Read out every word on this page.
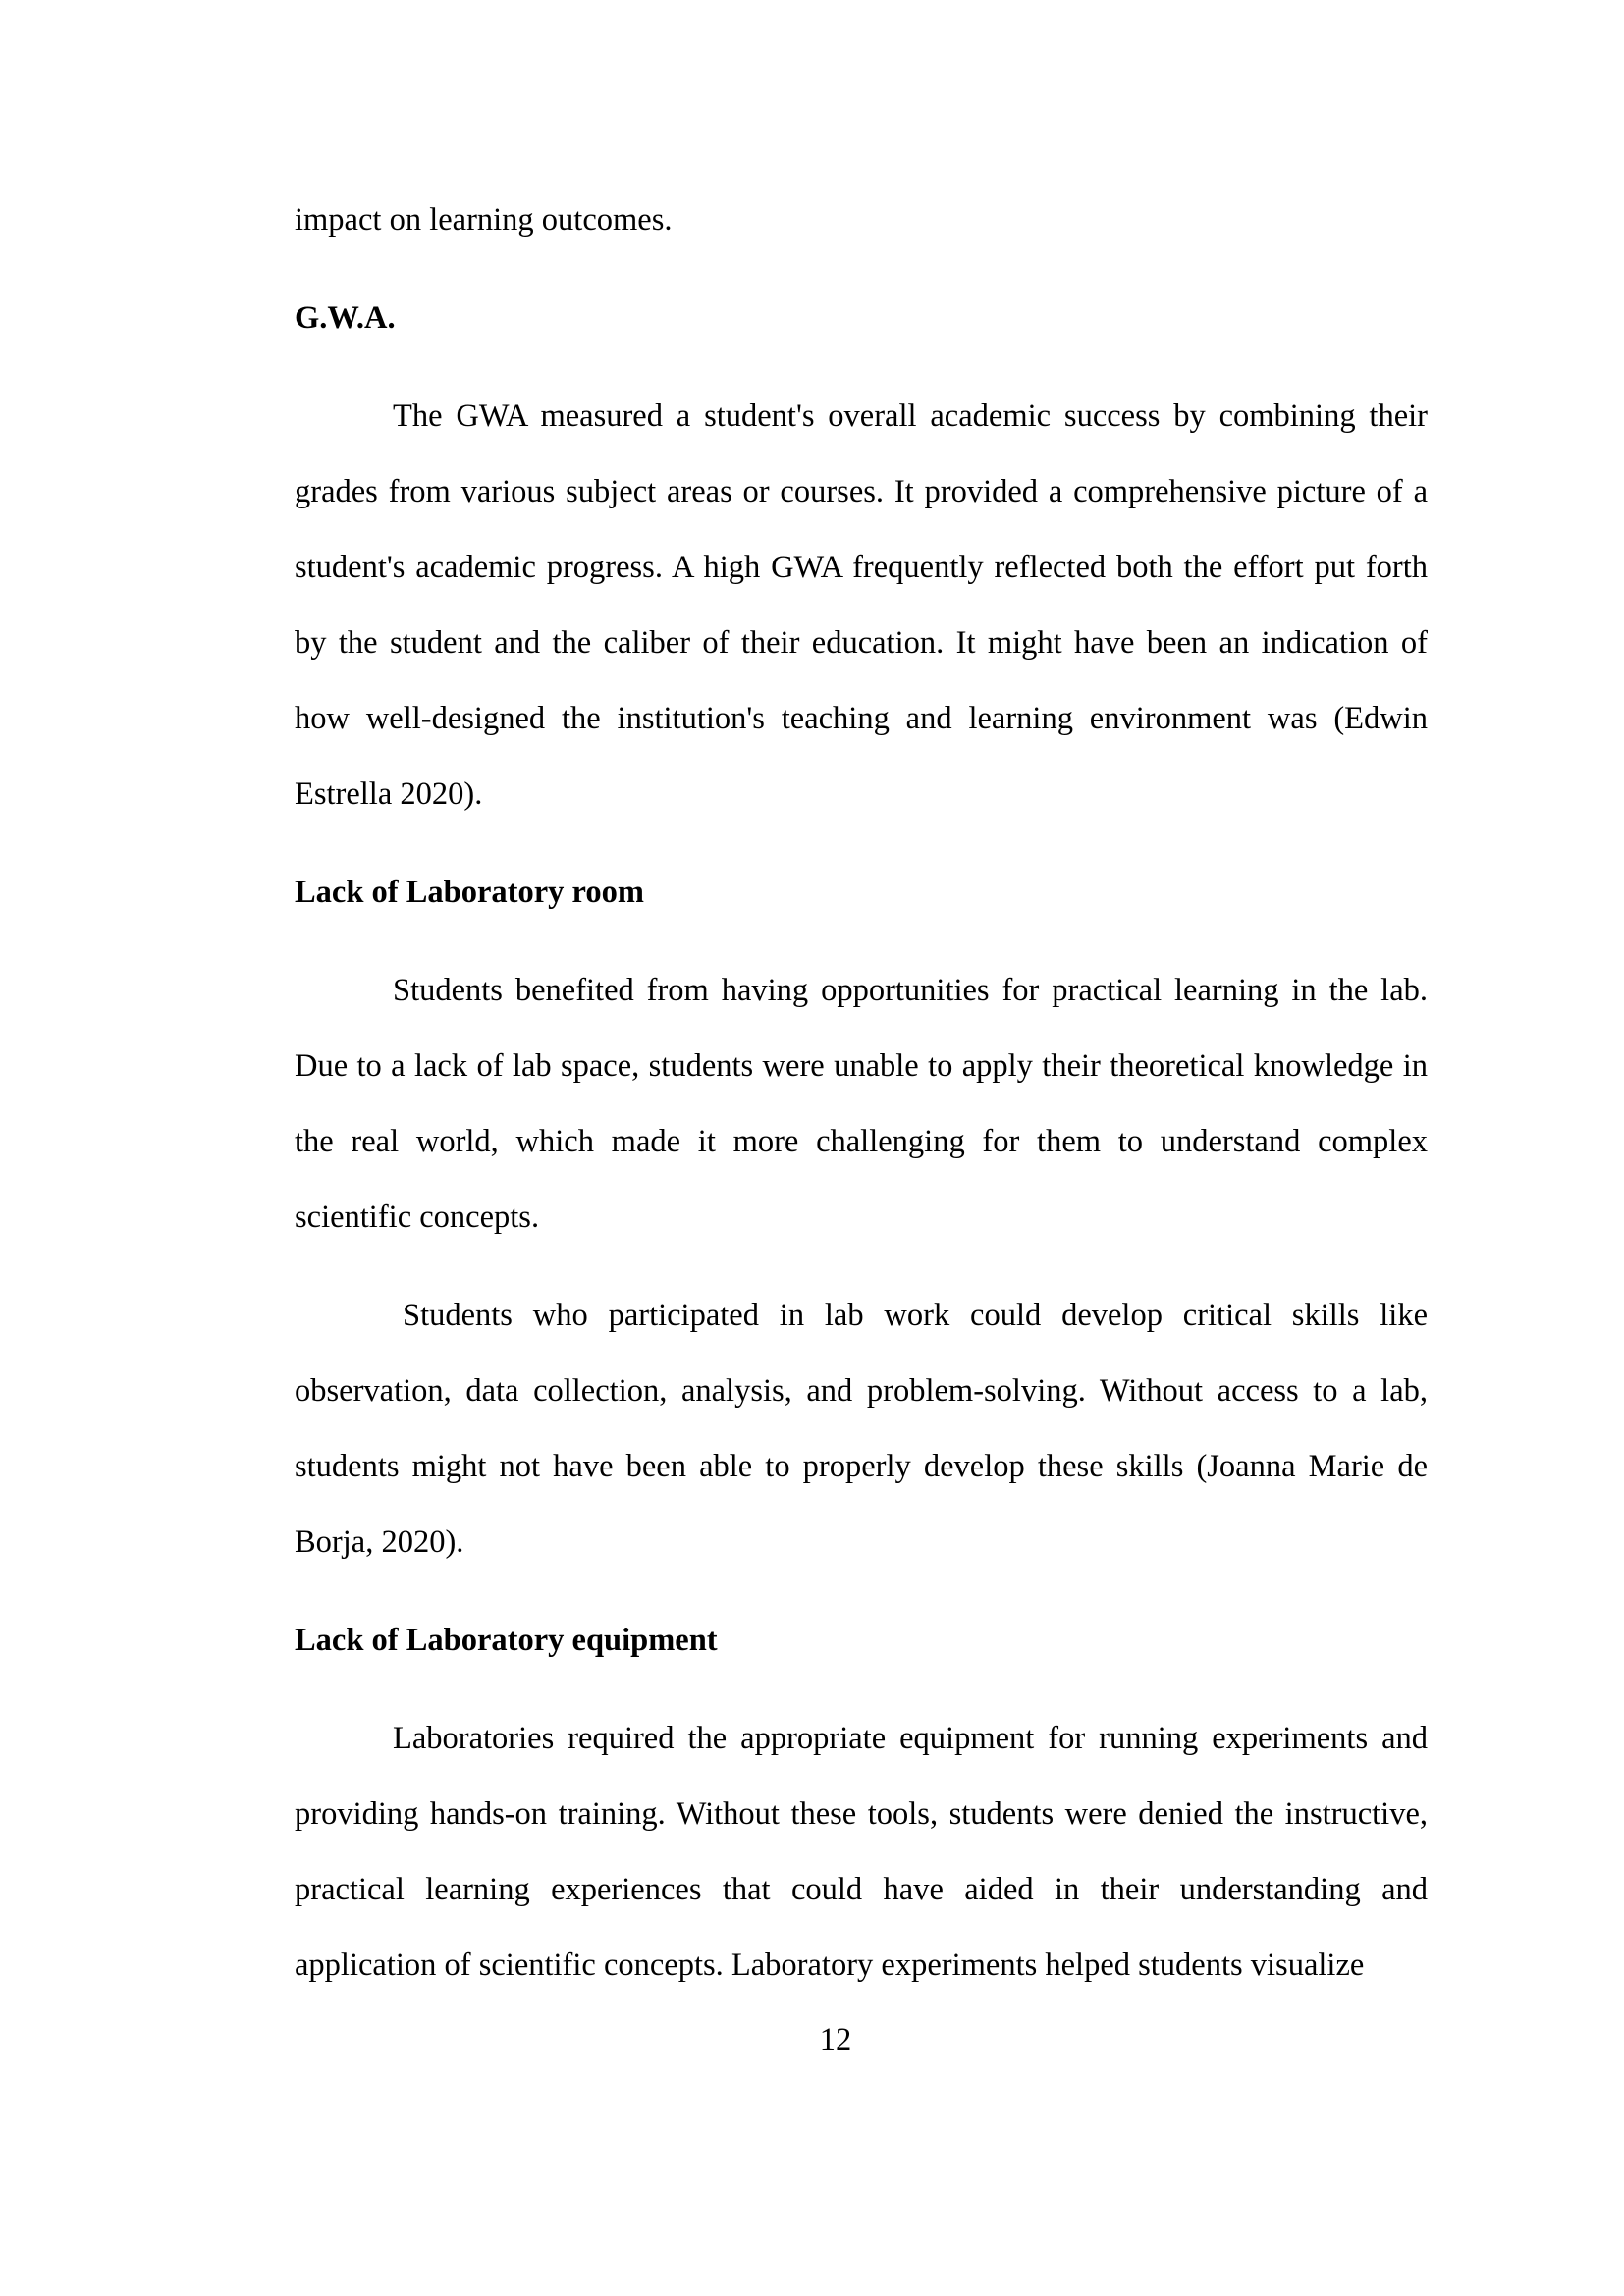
impact on learning outcomes.
G.W.A.
The GWA measured a student's overall academic success by combining their
grades from various subject areas or courses. It provided a comprehensive picture of a
student's academic progress. A high GWA frequently reflected both the effort put forth
by the student and the caliber of their education. It might have been an indication of
how well-designed the institution's teaching and learning environment was (Edwin
Estrella 2020).
Lack of Laboratory room
Students benefited from having opportunities for practical learning in the lab.
Due to a lack of lab space, students were unable to apply their theoretical knowledge in
the real world, which made it more challenging for them to understand complex
scientific concepts.
Students who participated in lab work could develop critical skills like
observation, data collection, analysis, and problem-solving. Without access to a lab,
students might not have been able to properly develop these skills (Joanna Marie de
Borja, 2020).
Lack of Laboratory equipment
Laboratories required the appropriate equipment for running experiments and
providing hands-on training. Without these tools, students were denied the instructive,
practical learning experiences that could have aided in their understanding and
application of scientific concepts. Laboratory experiments helped students visualize
12
